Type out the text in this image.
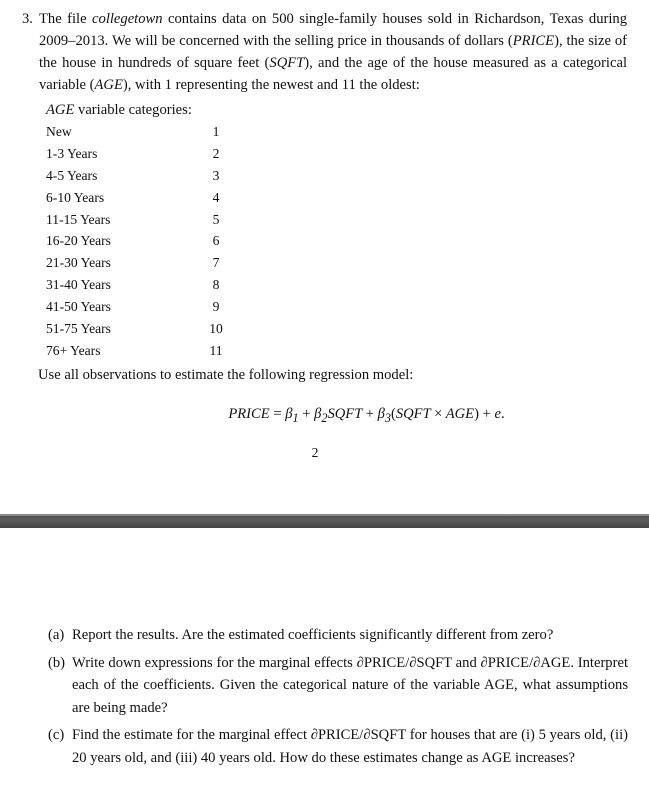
3. The file collegetown contains data on 500 single-family houses sold in Richardson, Texas during 2009–2013. We will be concerned with the selling price in thousands of dollars (PRICE), the size of the house in hundreds of square feet (SQFT), and the age of the house measured as a categorical variable (AGE), with 1 representing the newest and 11 the oldest:
AGE variable categories:
New	1
1-3 Years	2
4-5 Years	3
6-10 Years	4
11-15 Years	5
16-20 Years	6
21-30 Years	7
31-40 Years	8
41-50 Years	9
51-75 Years	10
76+ Years	11
Use all observations to estimate the following regression model:
PRICE = $\beta_1$ + $\beta_2SQFT$ + $\beta_3(SQFT \times AGE) + e$.
2
(a) Report the results. Are the estimated coefficients significantly different from zero?
(b) Write down expressions for the marginal effects ∂PRICE/∂SQFT and ∂PRICE/∂AGE. Interpret each of the coefficients. Given the categorical nature of the variable AGE, what assumptions are being made?
(c) Find the estimate for the marginal effect ∂PRICE/∂SQFT for houses that are (i) 5 years old, (ii) 20 years old, and (iii) 40 years old. How do these estimates change as AGE increases?
